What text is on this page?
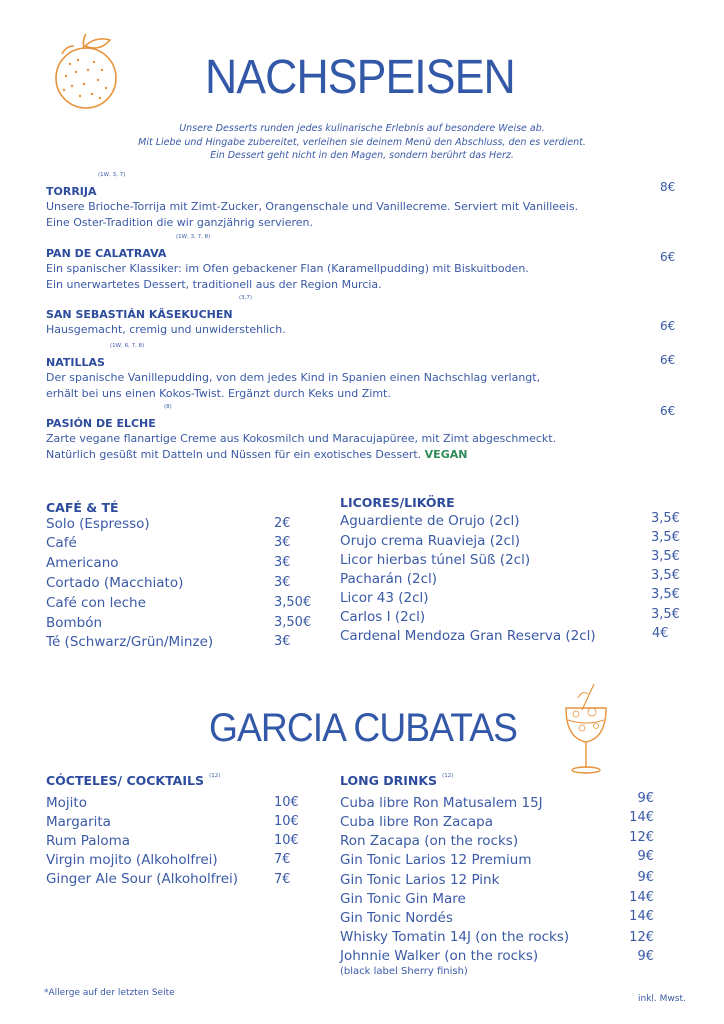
NACHSPEISEN
Unsere Desserts runden jedes kulinarische Erlebnis auf besondere Weise ab.
Mit Liebe und Hingabe zubereitet, verleihen sie deinem Menü den Abschluss, den es verdient.
Ein Dessert geht nicht in den Magen, sondern berührt das Herz.
TORRIJA
(1W, 3, 7)
Unsere Brioche-Torrija mit Zimt-Zucker, Orangenschale und Vanillecreme. Serviert mit Vanilleeis.
Eine Oster-Tradition die wir ganzjährig servieren.
8€
PAN DE CALATRAVA
(1W, 3, 7, 8)
Ein spanischer Klassiker: im Ofen gebackener Flan (Karamellpudding) mit Biskuitboden.
Ein unerwartetes Dessert, traditionell aus der Region Murcia.
6€
SAN SEBASTIÁN KÄSEKUCHEN
(3,7)
Hausgemacht, cremig und unwiderstehlich.	6€
NATILLAS
(1W, 6, 7, 8)
Der spanische Vanillepudding, von dem jedes Kind in Spanien einen Nachschlag verlangt,
erhält bei uns einen Kokos-Twist. Ergänzt durch Keks und Zimt.
6€
PASIÓN DE ELCHE
(8)
Zarte vegane flanartige Creme aus Kokosmilch und Maracujapüree, mit Zimt abgeschmeckt.
Natürlich gesüßt mit Datteln und Nüssen für ein exotisches Dessert. VEGAN
6€
CAFÉ & TÉ
Solo (Espresso)
Café
Americano
Cortado (Macchiato)
Café con leche
Bombón
Té (Schwarz/Grün/Minze)
2€
3€
3€
3€
3,50€
3,50€
3€
LICORES/LIKÖRE
Aguardiente de Orujo (2cl)
Orujo crema Ruavieja (2cl)
Licor hierbas túnel Süß (2cl)
Pacharán (2cl)
Licor 43 (2cl)
Carlos I (2cl)
Cardenal Mendoza Gran Reserva (2cl)
3,5€
3,5€
3,5€
3,5€
3,5€
3,5€
4€
GARCIA CUBATAS
CÓCTELES/ COCKTAILS $^{(12)}$
Mojito
Margarita
Rum Paloma
Virgin mojito (Alkoholfrei)
Ginger Ale Sour (Alkoholfrei)
10€
10€
10€
7€
7€
LONG DRINKS $^{(12)}$
Cuba libre Ron Matusalem 15J
Cuba libre Ron Zacapa
Ron Zacapa (on the rocks)
Gin Tonic Larios 12 Premium
Gin Tonic Larios 12 Pink
Gin Tonic Gin Mare
Gin Tonic Nordés
Whisky Tomatin 14J (on the rocks)
Johnnie Walker (on the rocks)
(black label Sherry finish)
9€
14€
12€
9€
9€
14€
14€
12€
9€
*Allerge auf der letzten Seite
inkl. Mwst.
